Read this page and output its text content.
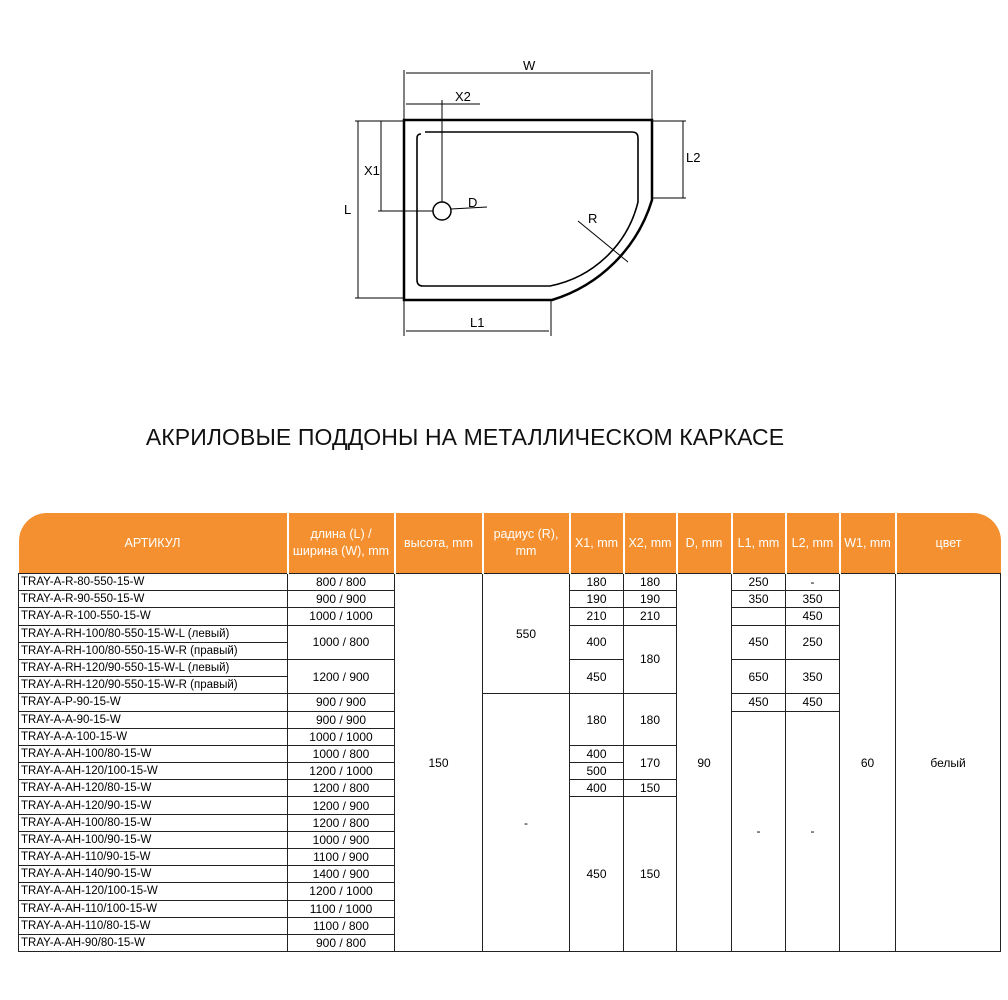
W
X2
X1
L	D
R
L2
L1
АКРИЛОВЫЕ ПОДДОНЫ НА МЕТАЛЛИЧЕСКОМ КАРКАСЕ
АРТИКУЛ	длина (L) / ширина (W), mm	высота, mm	радиус (R), mm	X1, mm	X2, mm	D, mm	L1, mm	L2, mm	W1, mm	цвет
TRAY-A-R-80-550-15-W	800 / 800	150	550	180	180	90	250	-	60	белый
TRAY-A-R-90-550-15-W	900 / 900			190	190		350	350		
TRAY-A-R-100-550-15-W	1000 / 1000			210	210			450		
TRAY-A-RH-100/80-550-15-W-L (левый)	1000 / 800			400	180		450	250		
TRAY-A-RH-100/80-550-15-W-R (правый)										
TRAY-A-RH-120/90-550-15-W-L (левый)	1200 / 900			450			650	350		
TRAY-A-RH-120/90-550-15-W-R (правый)										
TRAY-A-P-90-15-W	900 / 900		-	180	180		450	450		
TRAY-A-A-90-15-W	900 / 900						-	-		
TRAY-A-A-100-15-W	1000 / 1000									
TRAY-A-AH-100/80-15-W	1000 / 800			400	170					
TRAY-A-AH-120/100-15-W	1200 / 1000			500						
TRAY-A-AH-120/80-15-W	1200 / 800			400	150					
TRAY-A-AH-120/90-15-W	1200 / 900			450	150					
TRAY-A-AH-100/80-15-W	1200 / 800									
TRAY-A-AH-100/90-15-W	1000 / 900									
TRAY-A-AH-110/90-15-W	1100 / 900									
TRAY-A-AH-140/90-15-W	1400 / 900									
TRAY-A-AH-120/100-15-W	1200 / 1000									
TRAY-A-AH-110/100-15-W	1100 / 1000									
TRAY-A-AH-110/80-15-W	1100 / 800									
TRAY-A-AH-90/80-15-W	900 / 800									
